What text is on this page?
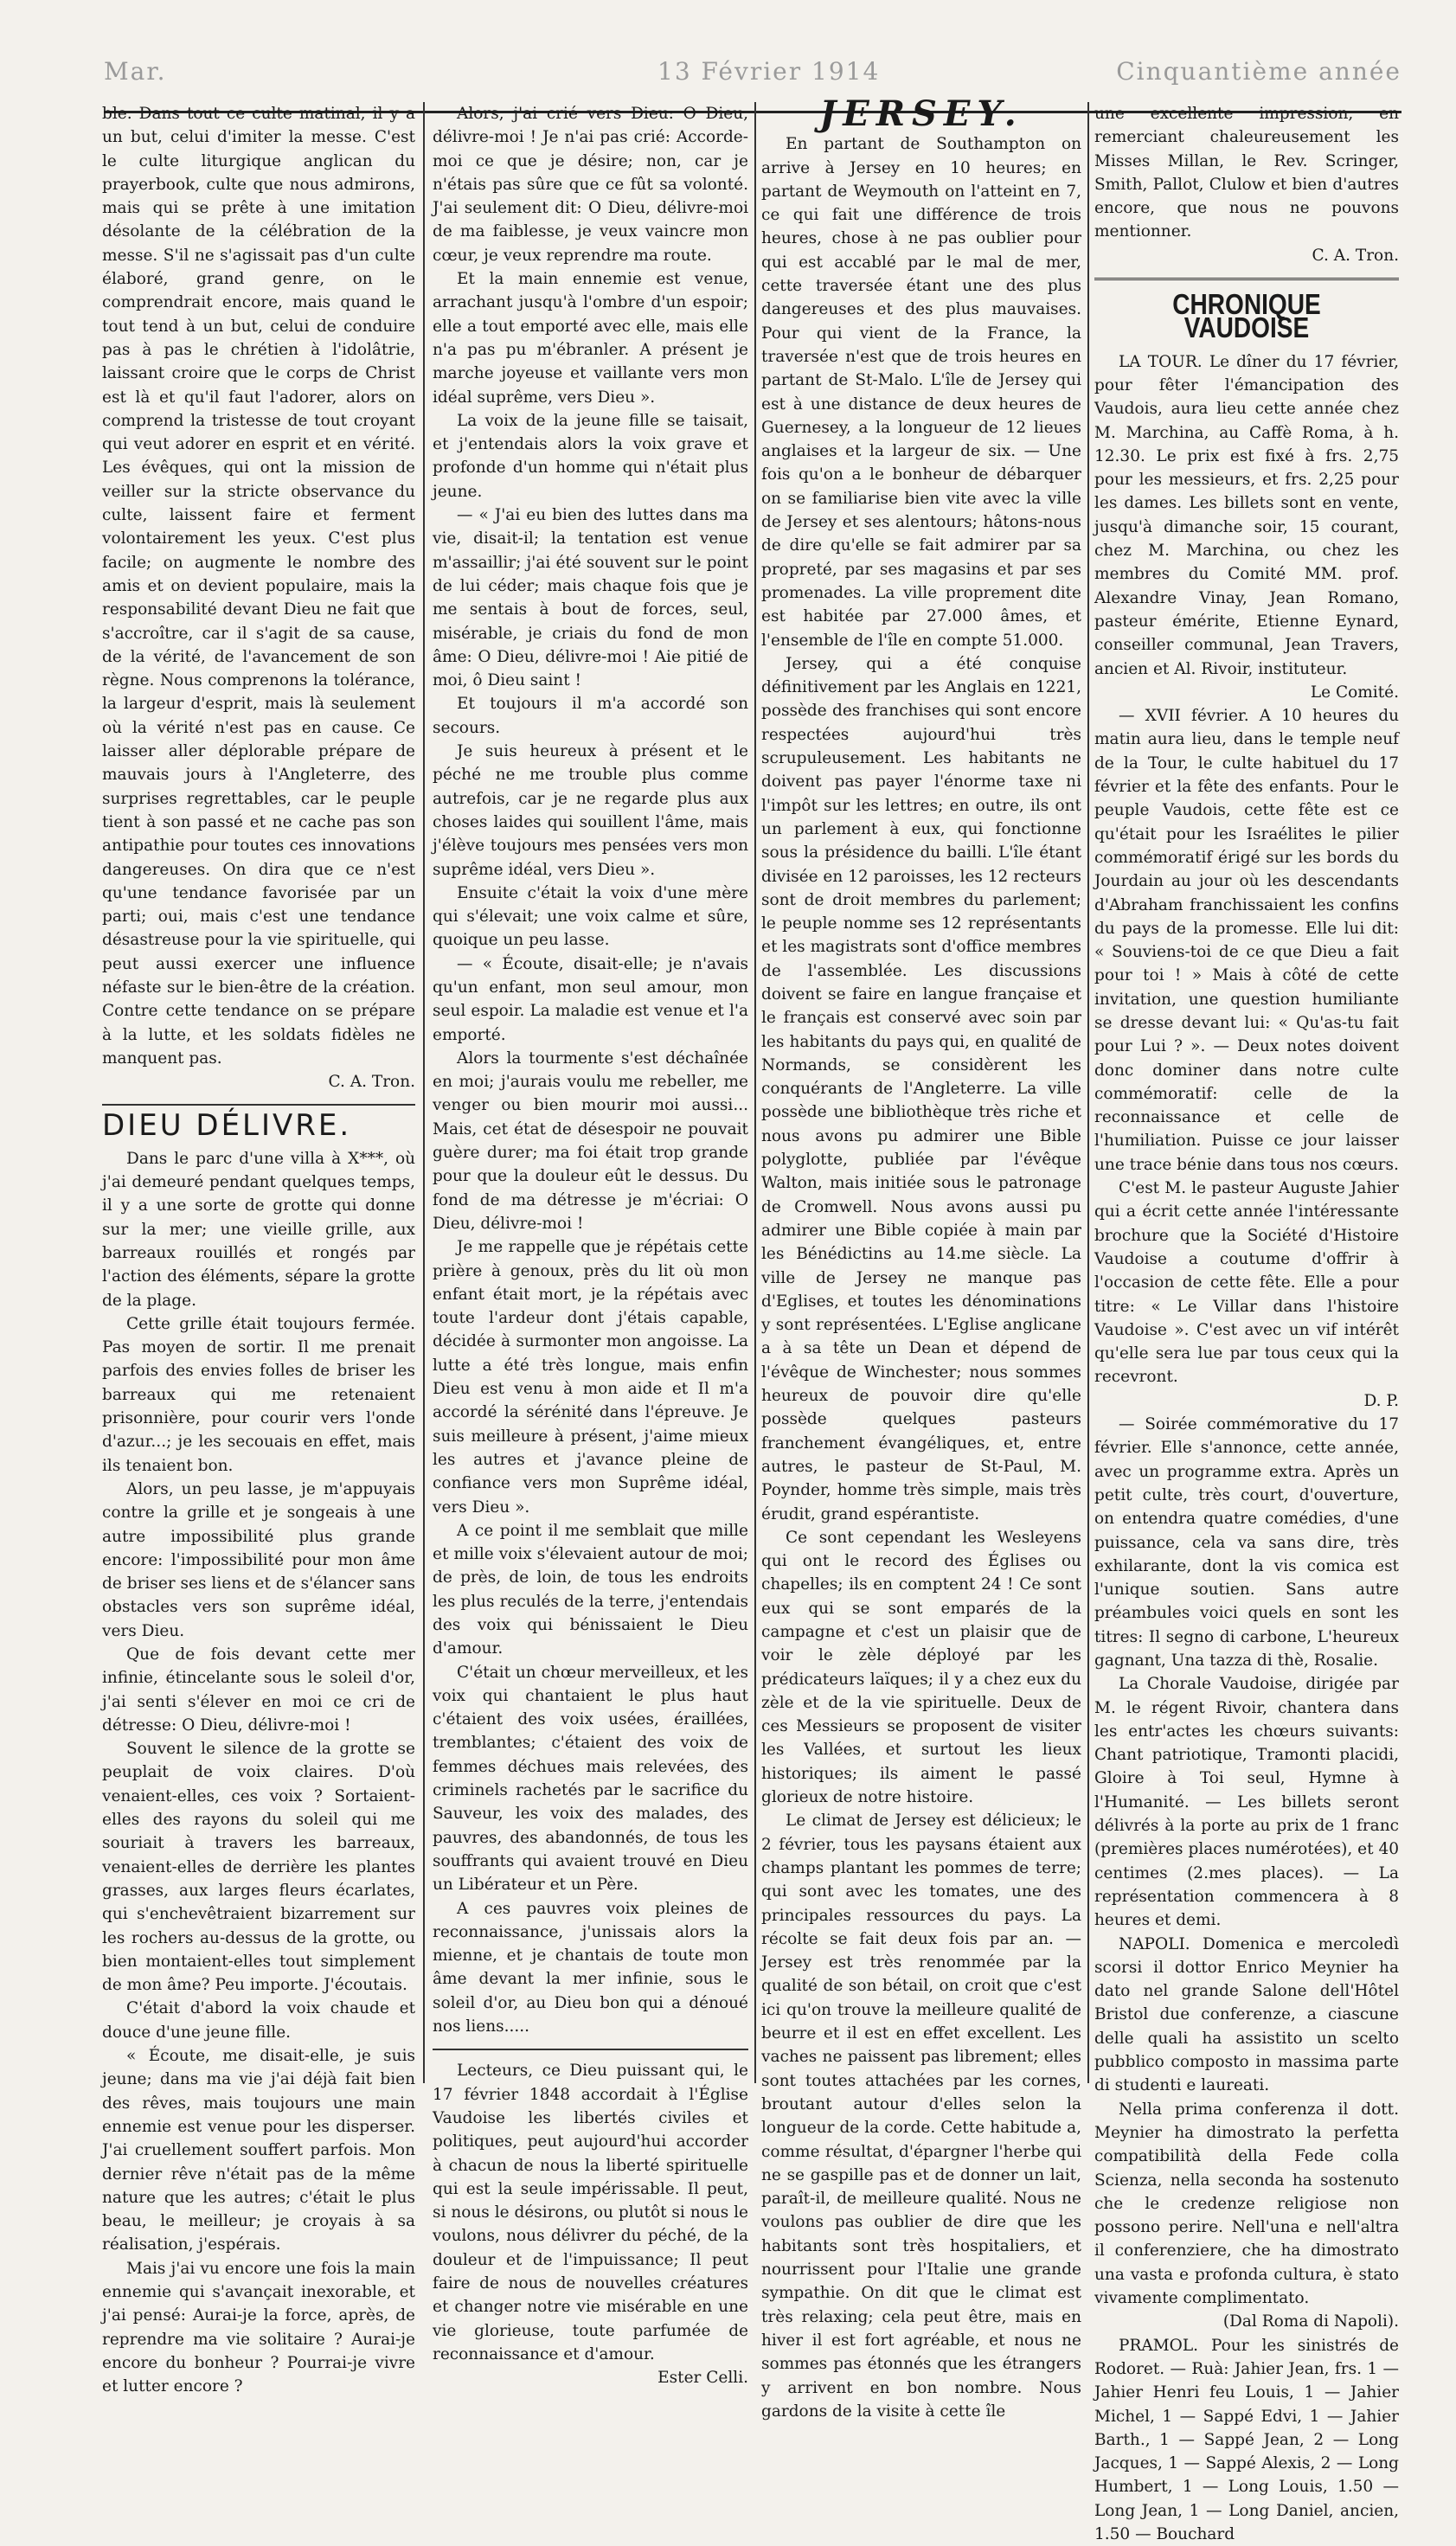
Mar.	13 Février 1914	Cinquantième année

ble. Dans tout ce culte matinal, il y a un but, celui d'imiter la messe. C'est le culte liturgique anglican du prayerbook, culte que nous admirons, mais qui se prête à une imitation désolante de la célébration de la messe. S'il ne s'agissait pas d'un culte élaboré, grand genre, on le comprendrait encore, mais quand le tout tend à un but, celui de conduire pas à pas le chrétien à l'idolâtrie, laissant croire que le corps de Christ est là et qu'il faut l'adorer, alors on comprend la tristesse de tout croyant qui veut adorer en esprit et en vérité. Les évêques, qui ont la mission de veiller sur la stricte observance du culte, laissent faire et ferment volontairement les yeux. C'est plus facile; on augmente le nombre des amis et on devient populaire, mais la responsabilité devant Dieu ne fait que s'accroître, car il s'agit de sa cause, de la vérité, de l'avancement de son règne. Nous comprenons la tolérance, la largeur d'esprit, mais là seulement où la vérité n'est pas en cause. Ce laisser aller déplorable prépare de mauvais jours à l'Angleterre, des surprises regrettables, car le peuple tient à son passé et ne cache pas son antipathie pour toutes ces innovations dangereuses. On dira que ce n'est qu'une tendance favorisée par un parti; oui, mais c'est une tendance désastreuse pour la vie spirituelle, qui peut aussi exercer une influence néfaste sur le bien-être de la création. Contre cette tendance on se prépare à la lutte, et les soldats fidèles ne manquent pas.

C. A. Tron.

DIEU DÉLIVRE.

Dans le parc d'une villa à X***, où j'ai demeuré pendant quelques temps, il y a une sorte de grotte qui donne sur la mer; une vieille grille, aux barreaux rouillés et rongés par l'action des éléments, sépare la grotte de la plage.

Cette grille était toujours fermée. Pas moyen de sortir. Il me prenait parfois des envies folles de briser les barreaux qui me retenaient prisonnière, pour courir vers l'onde d'azur...; je les secouais en effet, mais ils tenaient bon.

Alors, un peu lasse, je m'appuyais contre la grille et je songeais à une autre impossibilité plus grande encore: l'impossibilité pour mon âme de briser ses liens et de s'élancer sans obstacles vers son suprême idéal, vers Dieu.

Que de fois devant cette mer infinie, étincelante sous le soleil d'or, j'ai senti s'élever en moi ce cri de détresse: O Dieu, délivre-moi !

Souvent le silence de la grotte se peuplait de voix claires. D'où venaient-elles, ces voix ? Sortaient-elles des rayons du soleil qui me souriait à travers les barreaux, venaient-elles de derrière les plantes grasses, aux larges fleurs écarlates, qui s'enchevêtraient bizarrement sur les rochers au-dessus de la grotte, ou bien montaient-elles tout simplement de mon âme? Peu importe. J'écoutais.

C'était d'abord la voix chaude et douce d'une jeune fille.

« Écoute, me disait-elle, je suis jeune; dans ma vie j'ai déjà fait bien des rêves, mais toujours une main ennemie est venue pour les disperser. J'ai cruellement souffert parfois. Mon dernier rêve n'était pas de la même nature que les autres; c'était le plus beau, le meilleur; je croyais à sa réalisation, j'espérais.

Mais j'ai vu encore une fois la main ennemie qui s'avançait inexorable, et j'ai pensé: Aurai-je la force, après, de reprendre ma vie solitaire ? Aurai-je encore du bonheur ? Pourrai-je vivre et lutter encore ?

Alors, j'ai crié vers Dieu: O Dieu, délivre-moi ! Je n'ai pas crié: Accorde-moi ce que je désire; non, car je n'étais pas sûre que ce fût sa volonté. J'ai seulement dit: O Dieu, délivre-moi de ma faiblesse, je veux vaincre mon cœur, je veux reprendre ma route.

Et la main ennemie est venue, arrachant jusqu'à l'ombre d'un espoir; elle a tout emporté avec elle, mais elle n'a pas pu m'ébranler. A présent je marche joyeuse et vaillante vers mon idéal suprême, vers Dieu ».

La voix de la jeune fille se taisait, et j'entendais alors la voix grave et profonde d'un homme qui n'était plus jeune.

— « J'ai eu bien des luttes dans ma vie, disait-il; la tentation est venue m'assaillir; j'ai été souvent sur le point de lui céder; mais chaque fois que je me sentais à bout de forces, seul, misérable, je criais du fond de mon âme: O Dieu, délivre-moi ! Aie pitié de moi, ô Dieu saint !

Et toujours il m'a accordé son secours.

Je suis heureux à présent et le péché ne me trouble plus comme autrefois, car je ne regarde plus aux choses laides qui souillent l'âme, mais j'élève toujours mes pensées vers mon suprême idéal, vers Dieu ».

Ensuite c'était la voix d'une mère qui s'élevait; une voix calme et sûre, quoique un peu lasse.

— « Écoute, disait-elle; je n'avais qu'un enfant, mon seul amour, mon seul espoir. La maladie est venue et l'a emporté.

Alors la tourmente s'est déchaînée en moi; j'aurais voulu me rebeller, me venger ou bien mourir moi aussi... Mais, cet état de désespoir ne pouvait guère durer; ma foi était trop grande pour que la douleur eût le dessus. Du fond de ma détresse je m'écriai: O Dieu, délivre-moi !

Je me rappelle que je répétais cette prière à genoux, près du lit où mon enfant était mort, je la répétais avec toute l'ardeur dont j'étais capable, décidée à surmonter mon angoisse. La lutte a été très longue, mais enfin Dieu est venu à mon aide et Il m'a accordé la sérénité dans l'épreuve. Je suis meilleure à présent, j'aime mieux les autres et j'avance pleine de confiance vers mon Suprême idéal, vers Dieu ».

A ce point il me semblait que mille et mille voix s'élevaient autour de moi; de près, de loin, de tous les endroits les plus reculés de la terre, j'entendais des voix qui bénissaient le Dieu d'amour.

C'était un chœur merveilleux, et les voix qui chantaient le plus haut c'étaient des voix usées, éraillées, tremblantes; c'étaient des voix de femmes déchues mais relevées, des criminels rachetés par le sacrifice du Sauveur, les voix des malades, des pauvres, des abandonnés, de tous les souffrants qui avaient trouvé en Dieu un Libérateur et un Père.

A ces pauvres voix pleines de reconnaissance, j'unissais alors la mienne, et je chantais de toute mon âme devant la mer infinie, sous le soleil d'or, au Dieu bon qui a dénoué nos liens.....

Lecteurs, ce Dieu puissant qui, le 17 février 1848 accordait à l'Église Vaudoise les libertés civiles et politiques, peut aujourd'hui accorder à chacun de nous la liberté spirituelle qui est la seule impérissable. Il peut, si nous le désirons, ou plutôt si nous le voulons, nous délivrer du péché, de la douleur et de l'impuissance; Il peut faire de nous de nouvelles créatures et changer notre vie misérable en une vie glorieuse, toute parfumée de reconnaissance et d'amour.

Ester Celli.

JERSEY.

En partant de Southampton on arrive à Jersey en 10 heures; en partant de Weymouth on l'atteint en 7, ce qui fait une différence de trois heures, chose à ne pas oublier pour qui est accablé par le mal de mer, cette traversée étant une des plus dangereuses et des plus mauvaises. Pour qui vient de la France, la traversée n'est que de trois heures en partant de St-Malo. L'île de Jersey qui est à une distance de deux heures de Guernesey, a la longueur de 12 lieues anglaises et la largeur de six. — Une fois qu'on a le bonheur de débarquer on se familiarise bien vite avec la ville de Jersey et ses alentours; hâtons-nous de dire qu'elle se fait admirer par sa propreté, par ses magasins et par ses promenades. La ville proprement dite est habitée par 27.000 âmes, et l'ensemble de l'île en compte 51.000.

Jersey, qui a été conquise définitivement par les Anglais en 1221, possède des franchises qui sont encore respectées aujourd'hui très scrupuleusement. Les habitants ne doivent pas payer l'énorme taxe ni l'impôt sur les lettres; en outre, ils ont un parlement à eux, qui fonctionne sous la présidence du bailli. L'île étant divisée en 12 paroisses, les 12 recteurs sont de droit membres du parlement; le peuple nomme ses 12 représentants et les magistrats sont d'office membres de l'assemblée. Les discussions doivent se faire en langue française et le français est conservé avec soin par les habitants du pays qui, en qualité de Normands, se considèrent les conquérants de l'Angleterre. La ville possède une bibliothèque très riche et nous avons pu admirer une Bible polyglotte, publiée par l'évêque Walton, mais initiée sous le patronage de Cromwell. Nous avons aussi pu admirer une Bible copiée à main par les Bénédictins au 14.me siècle. La ville de Jersey ne manque pas d'Eglises, et toutes les dénominations y sont représentées. L'Eglise anglicane a à sa tête un Dean et dépend de l'évêque de Winchester; nous sommes heureux de pouvoir dire qu'elle possède quelques pasteurs franchement évangéliques, et, entre autres, le pasteur de St-Paul, M. Poynder, homme très simple, mais très érudit, grand espérantiste.

Ce sont cependant les Wesleyens qui ont le record des Églises ou chapelles; ils en comptent 24 ! Ce sont eux qui se sont emparés de la campagne et c'est un plaisir que de voir le zèle déployé par les prédicateurs laïques; il y a chez eux du zèle et de la vie spirituelle. Deux de ces Messieurs se proposent de visiter les Vallées, et surtout les lieux historiques; ils aiment le passé glorieux de notre histoire.

Le climat de Jersey est délicieux; le 2 février, tous les paysans étaient aux champs plantant les pommes de terre; qui sont avec les tomates, une des principales ressources du pays. La récolte se fait deux fois par an. — Jersey est très renommée par la qualité de son bétail, on croit que c'est ici qu'on trouve la meilleure qualité de beurre et il est en effet excellent. Les vaches ne paissent pas librement; elles sont toutes attachées par les cornes, broutant autour d'elles selon la longueur de la corde. Cette habitude a, comme résultat, d'épargner l'herbe qui ne se gaspille pas et de donner un lait, paraît-il, de meilleure qualité. Nous ne voulons pas oublier de dire que les habitants sont très hospitaliers, et nourrissent pour l'Italie une grande sympathie. On dit que le climat est très relaxing; cela peut être, mais en hiver il est fort agréable, et nous ne sommes pas étonnés que les étrangers y arrivent en bon nombre. Nous gardons de la visite à cette île

une excellente impression, en remerciant chaleureusement les Misses Millan, le Rev. Scringer, Smith, Pallot, Clulow et bien d'autres encore, que nous ne pouvons mentionner.

C. A. Tron.

CHRONIQUE VAUDOISE

LA TOUR. Le dîner du 17 février, pour fêter l'émancipation des Vaudois, aura lieu cette année chez M. Marchina, au Caffè Roma, à h. 12.30. Le prix est fixé à frs. 2,75 pour les messieurs, et frs. 2,25 pour les dames. Les billets sont en vente, jusqu'à dimanche soir, 15 courant, chez M. Marchina, ou chez les membres du Comité MM. prof. Alexandre Vinay, Jean Romano, pasteur émérite, Etienne Eynard, conseiller communal, Jean Travers, ancien et Al. Rivoir, instituteur.

Le Comité.

— XVII février. A 10 heures du matin aura lieu, dans le temple neuf de la Tour, le culte habituel du 17 février et la fête des enfants. Pour le peuple Vaudois, cette fête est ce qu'était pour les Israélites le pilier commémoratif érigé sur les bords du Jourdain au jour où les descendants d'Abraham franchissaient les confins du pays de la promesse. Elle lui dit: « Souviens-toi de ce que Dieu a fait pour toi ! » Mais à côté de cette invitation, une question humiliante se dresse devant lui: « Qu'as-tu fait pour Lui ? ». — Deux notes doivent donc dominer dans notre culte commémoratif: celle de la reconnaissance et celle de l'humiliation. Puisse ce jour laisser une trace bénie dans tous nos cœurs.

C'est M. le pasteur Auguste Jahier qui a écrit cette année l'intéressante brochure que la Société d'Histoire Vaudoise a coutume d'offrir à l'occasion de cette fête. Elle a pour titre: « Le Villar dans l'histoire Vaudoise ». C'est avec un vif intérêt qu'elle sera lue par tous ceux qui la recevront.

D. P.

— Soirée commémorative du 17 février. Elle s'annonce, cette année, avec un programme extra. Après un petit culte, très court, d'ouverture, on entendra quatre comédies, d'une puissance, cela va sans dire, très exhilarante, dont la vis comica est l'unique soutien. Sans autre préambules voici quels en sont les titres: Il segno di carbone, L'heureux gagnant, Una tazza di thè, Rosalie.

La Chorale Vaudoise, dirigée par M. le régent Rivoir, chantera dans les entr'actes les chœurs suivants: Chant patriotique, Tramonti placidi, Gloire à Toi seul, Hymne à l'Humanité. — Les billets seront délivrés à la porte au prix de 1 franc (premières places numérotées), et 40 centimes (2.mes places). — La représentation commencera à 8 heures et demi.

NAPOLI. Domenica e mercoledì scorsi il dottor Enrico Meynier ha dato nel grande Salone dell'Hôtel Bristol due conferenze, a ciascune delle quali ha assistito un scelto pubblico composto in massima parte di studenti e laureati.

Nella prima conferenza il dott. Meynier ha dimostrato la perfetta compatibilità della Fede colla Scienza, nella seconda ha sostenuto che le credenze religiose non possono perire. Nell'una e nell'altra il conferenziere, che ha dimostrato una vasta e profonda cultura, è stato vivamente complimentato.

(Dal Roma di Napoli).

PRAMOL. Pour les sinistrés de Rodoret. — Ruà: Jahier Jean, frs. 1 — Jahier Henri feu Louis, 1 — Jahier Michel, 1 — Sappé Edvi, 1 — Jahier Barth., 1 — Sappé Jean, 2 — Long Jacques, 1 — Sappé Alexis, 2 — Long Humbert, 1 — Long Louis, 1.50 — Long Jean, 1 — Long Daniel, ancien, 1.50 — Bouchard
